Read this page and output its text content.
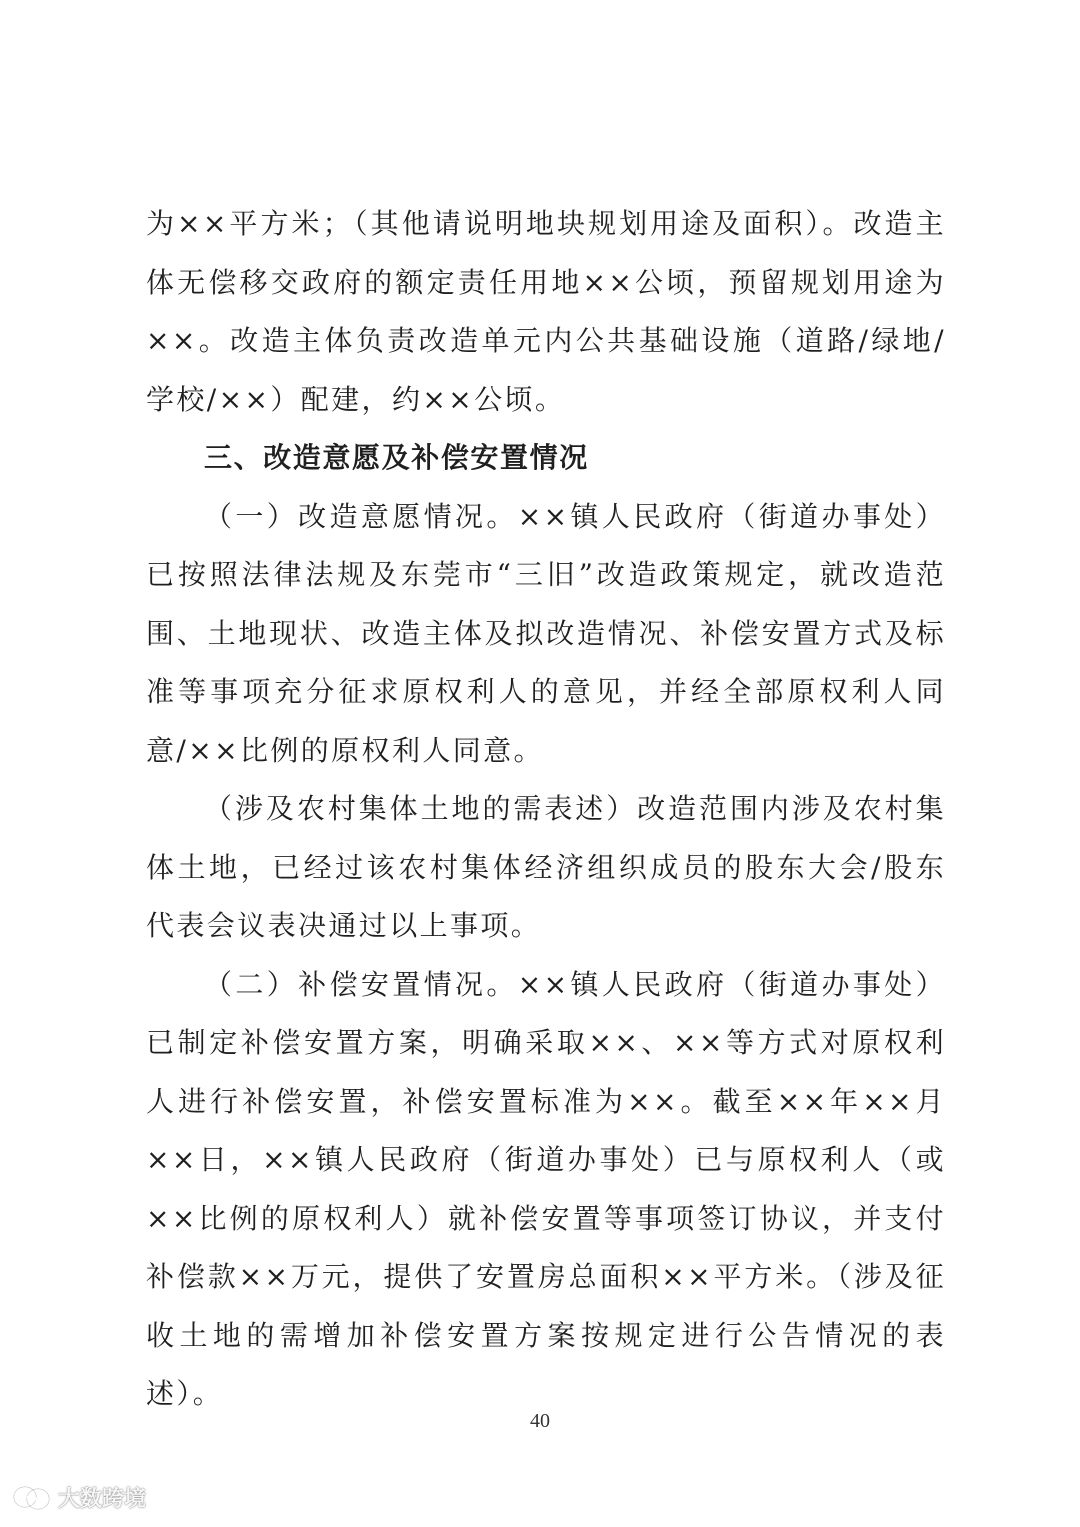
为××平方米；（其他请说明地块规划用途及面积）。改造主体无偿移交政府的额定责任用地××公顷，预留规划用途为××。改造主体负责改造单元内公共基础设施（道路/绿地/学校/××）配建，约××公顷。

三、改造意愿及补偿安置情况

（一）改造意愿情况。××镇人民政府（街道办事处）已按照法律法规及东莞市“三旧”改造政策规定，就改造范围、土地现状、改造主体及拟改造情况、补偿安置方式及标准等事项充分征求原权利人的意见，并经全部原权利人同意/××比例的原权利人同意。

（涉及农村集体土地的需表述）改造范围内涉及农村集体土地，已经过该农村集体经济组织成员的股东大会/股东代表会议表决通过以上事项。

（二）补偿安置情况。××镇人民政府（街道办事处）已制定补偿安置方案，明确采取××、××等方式对原权利人进行补偿安置，补偿安置标准为××。截至××年××月××日，××镇人民政府（街道办事处）已与原权利人（或××比例的原权利人）就补偿安置等事项签订协议，并支付补偿款××万元，提供了安置房总面积××平方米。（涉及征收土地的需增加补偿安置方案按规定进行公告情况的表述）。

40
大数跨境
